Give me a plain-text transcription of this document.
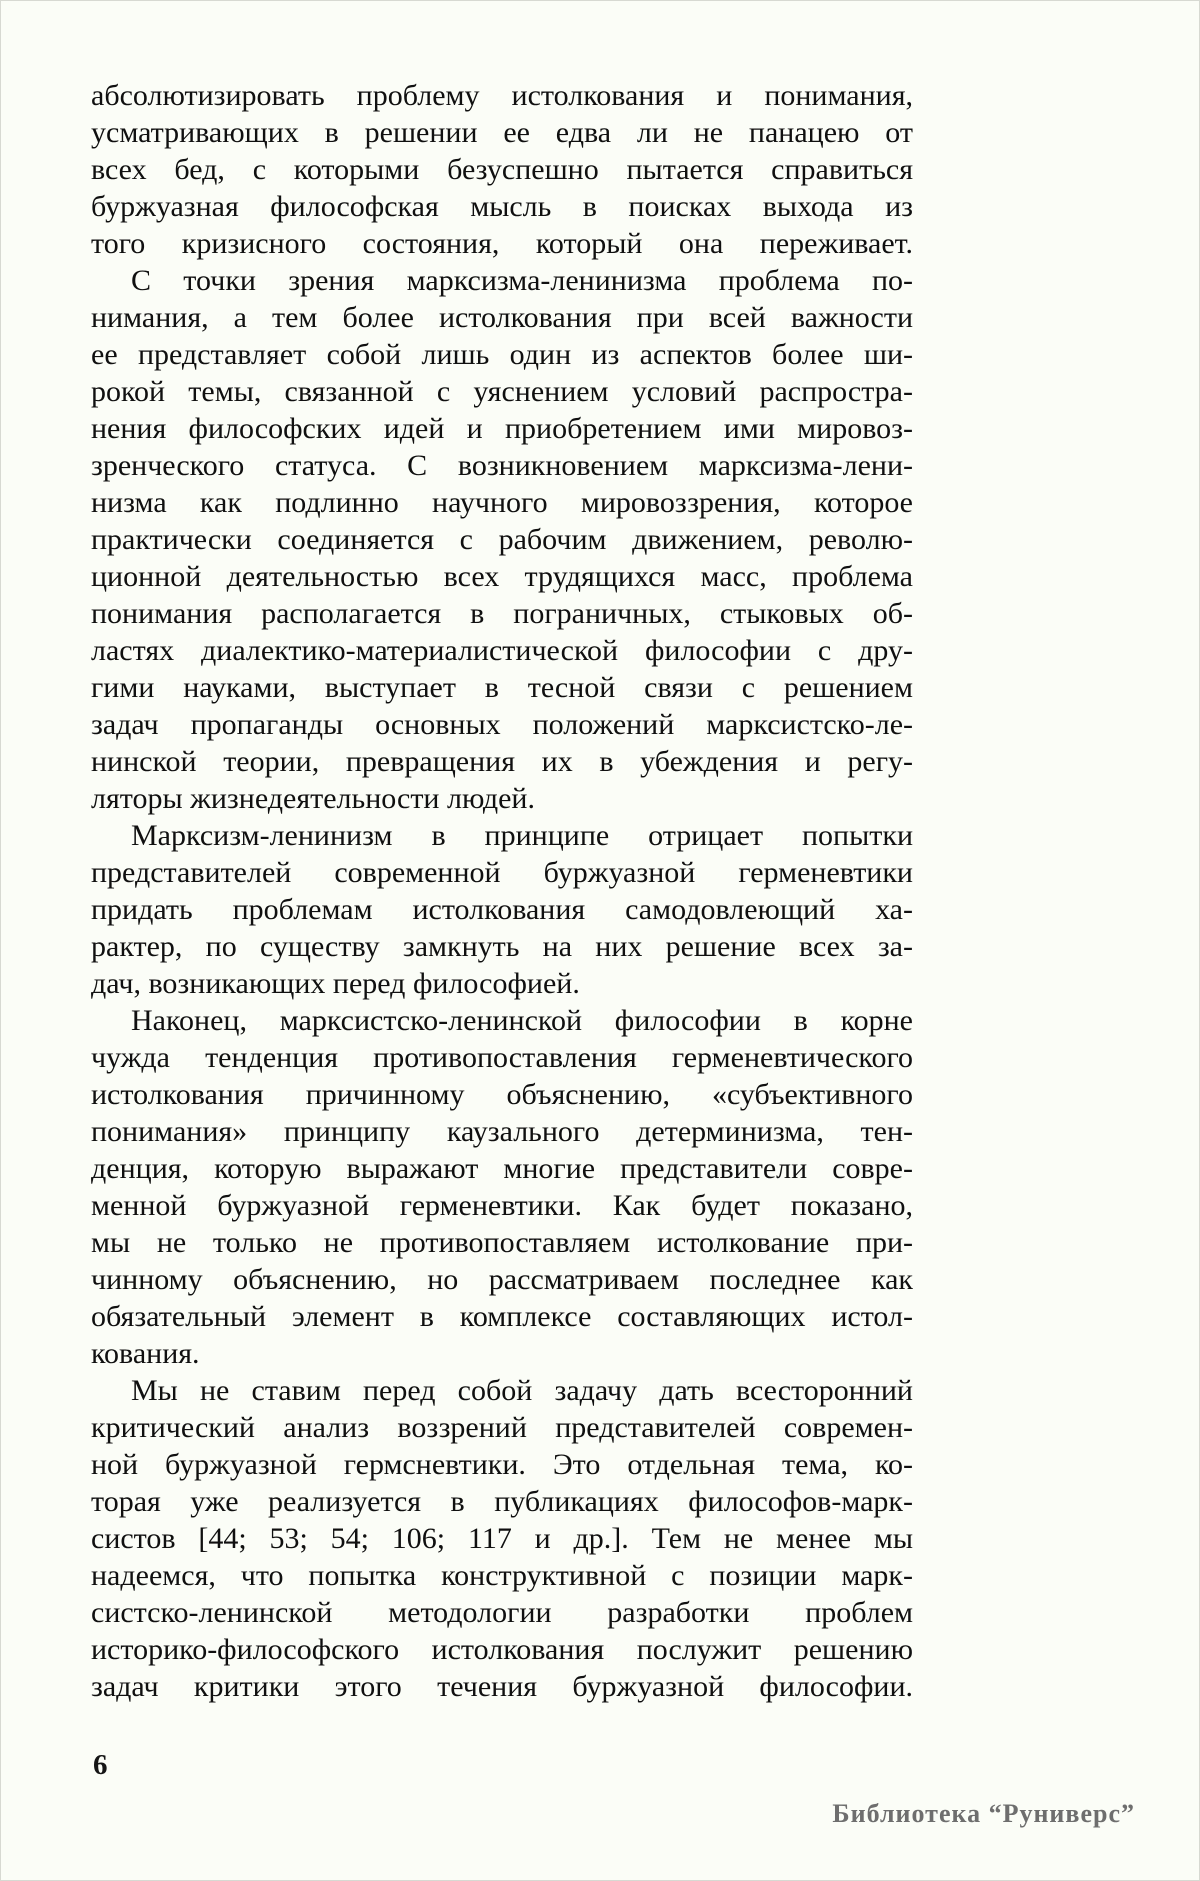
абсолютизировать проблему истолкования и понимания,
усматривающих в решении ее едва ли не панацею от
всех бед, с которыми безуспешно пытается справиться
буржуазная философская мысль в поисках выхода из
того кризисного состояния, который она переживает.
С точки зрения марксизма-ленинизма проблема по-
нимания, а тем более истолкования при всей важности
ее представляет собой лишь один из аспектов более ши-
рокой темы, связанной с уяснением условий распростра-
нения философских идей и приобретением ими мировоз-
зренческого статуса. С возникновением марксизма-лени-
низма как подлинно научного мировоззрения, которое
практически соединяется с рабочим движением, револю-
ционной деятельностью всех трудящихся масс, проблема
понимания располагается в пограничных, стыковых об-
ластях диалектико-материалистической философии с дру-
гими науками, выступает в тесной связи с решением
задач пропаганды основных положений марксистско-ле-
нинской теории, превращения их в убеждения и регу-
ляторы жизнедеятельности людей.
Марксизм-ленинизм в принципе отрицает попытки
представителей современной буржуазной герменевтики
придать проблемам истолкования самодовлеющий ха-
рактер, по существу замкнуть на них решение всех за-
дач, возникающих перед философией.
Наконец, марксистско-ленинской философии в корне
чужда тенденция противопоставления герменевтического
истолкования причинному объяснению, «субъективного
понимания» принципу каузального детерминизма, тен-
денция, которую выражают многие представители совре-
менной буржуазной герменевтики. Как будет показано,
мы не только не противопоставляем истолкование при-
чинному объяснению, но рассматриваем последнее как
обязательный элемент в комплексе составляющих истол-
кования.
Мы не ставим перед собой задачу дать всесторонний
критический анализ воззрений представителей современ-
ной буржуазной гермсневтики. Это отдельная тема, ко-
торая уже реализуется в публикациях философов-марк-
систов [44; 53; 54; 106; 117 и др.]. Тем не менее мы
надеемся, что попытка конструктивной с позиции марк-
систско-ленинской методологии разработки проблем
историко-философского истолкования послужит решению
задач критики этого течения буржуазной философии.
6
Библиотека “Руниверс”
